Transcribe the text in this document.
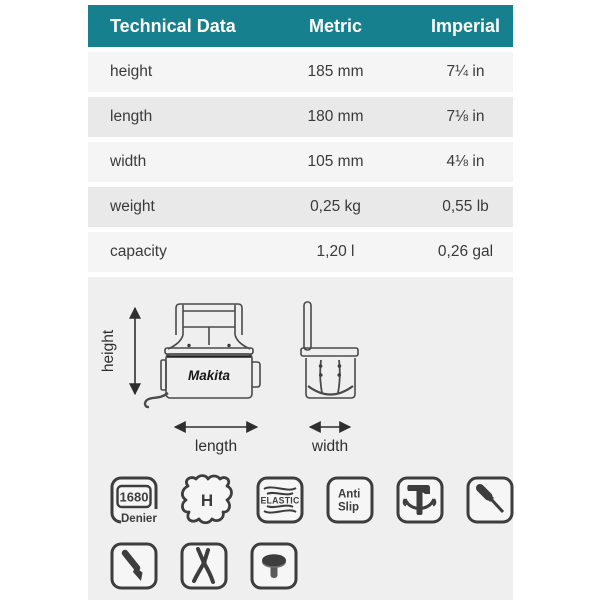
Technical Data	Metric	Imperial
height	185 mm	7¼ in
length	180 mm	7⅛ in
width	105 mm	4⅛ in
weight	0,25 kg	0,55 lb
capacity	1,20 l	0,26 gal
height
Makita
length	width
1680
Denier
H	ELASTIC	Anti
Slip
